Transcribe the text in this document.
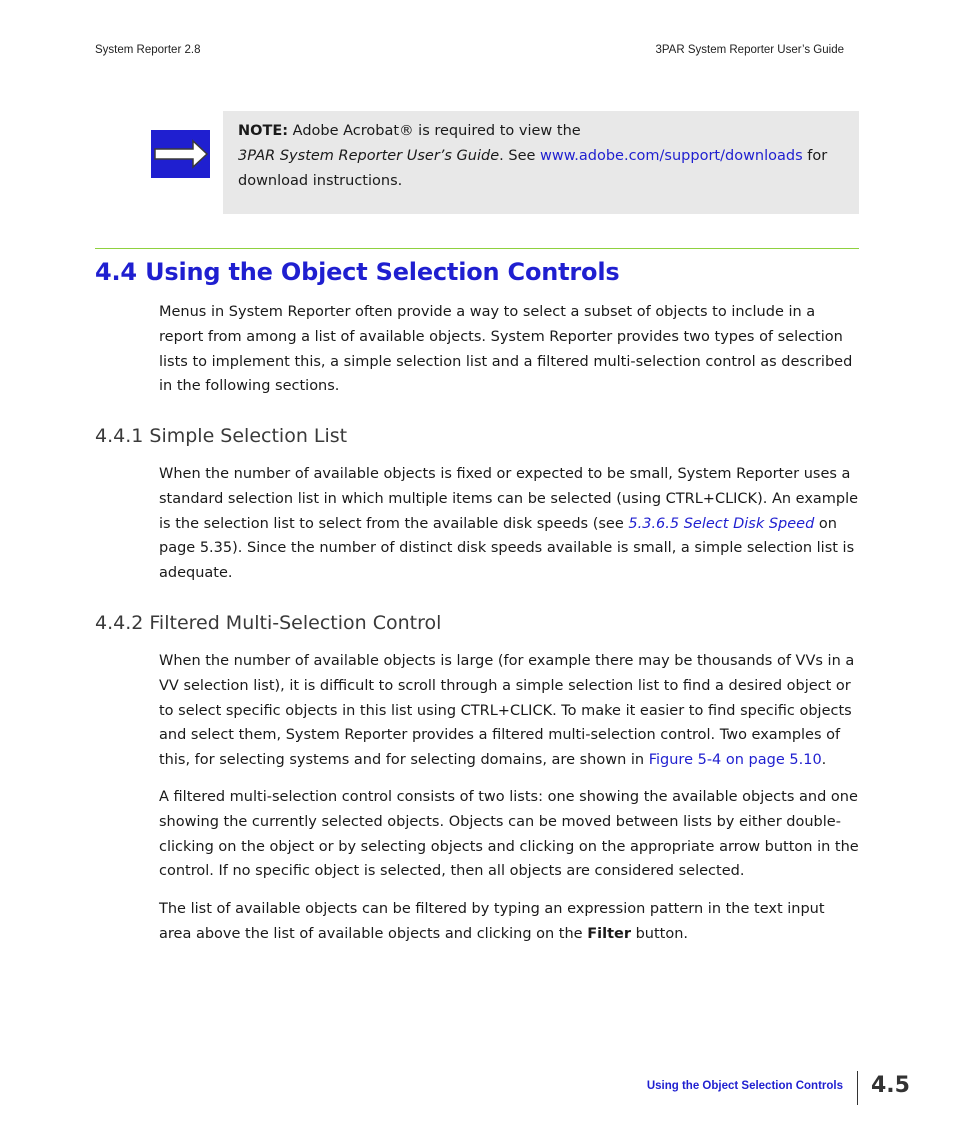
System Reporter 2.8	3PAR System Reporter User’s Guide

NOTE: Adobe Acrobat® is required to view the
3PAR System Reporter User’s Guide. See www.adobe.com/support/downloads for download instructions.

4.4 Using the Object Selection Controls

Menus in System Reporter often provide a way to select a subset of objects to include in a report from among a list of available objects. System Reporter provides two types of selection lists to implement this, a simple selection list and a filtered multi-selection control as described in the following sections.

4.4.1 Simple Selection List

When the number of available objects is fixed or expected to be small, System Reporter uses a standard selection list in which multiple items can be selected (using CTRL+CLICK). An example is the selection list to select from the available disk speeds (see 5.3.6.5 Select Disk Speed on page 5.35). Since the number of distinct disk speeds available is small, a simple selection list is adequate.

4.4.2 Filtered Multi-Selection Control

When the number of available objects is large (for example there may be thousands of VVs in a VV selection list), it is difficult to scroll through a simple selection list to find a desired object or to select specific objects in this list using CTRL+CLICK. To make it easier to find specific objects and select them, System Reporter provides a filtered multi-selection control. Two examples of this, for selecting systems and for selecting domains, are shown in Figure 5-4 on page 5.10.

A filtered multi-selection control consists of two lists: one showing the available objects and one showing the currently selected objects. Objects can be moved between lists by either double-clicking on the object or by selecting objects and clicking on the appropriate arrow button in the control. If no specific object is selected, then all objects are considered selected.

The list of available objects can be filtered by typing an expression pattern in the text input area above the list of available objects and clicking on the Filter button.

Using the Object Selection Controls 4.5
